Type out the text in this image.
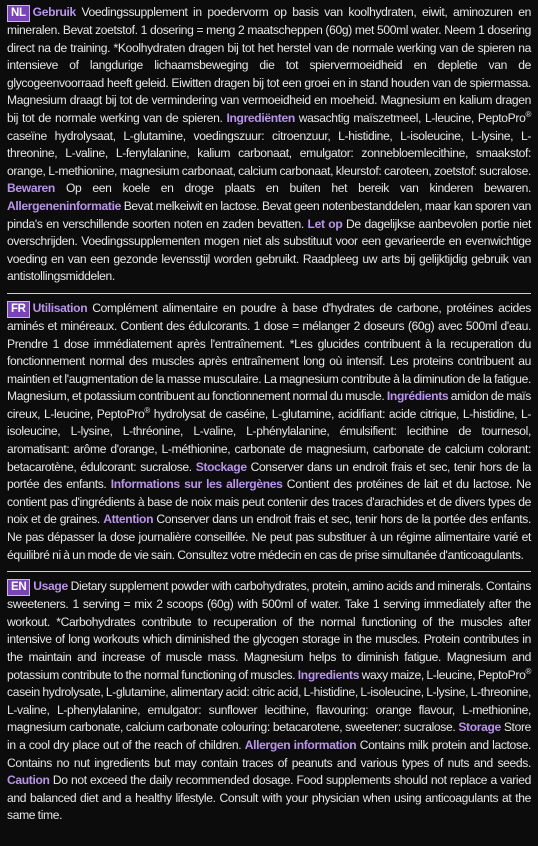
NL Gebruik Voedingssupplement in poedervorm op basis van koolhydraten, eiwit, aminozuren en mineralen. Bevat zoetstof. 1 dosering = meng 2 maatscheppen (60g) met 500ml water. Neem 1 dosering direct na de training. *Koolhydraten dragen bij tot het herstel van de normale werking van de spieren na intensieve of langdurige lichaamsbeweging die tot spiervermoeidheid en depletie van de glycogeenvoorraad heeft geleid. Eiwitten dragen bij tot een groei en in stand houden van de spiermassa. Magnesium draagt bij tot de vermindering van vermoeidheid en moeheid. Magnesium en kalium dragen bij tot de normale werking van de spieren. Ingrediënten wasachtig maïszetmeel, L-leucine, PeptoPro® caseïne hydrolysaat, L-glutamine, voedingszuur: citroenzuur, L-histidine, L-isoleucine, L-lysine, L-threonine, L-valine, L-fenylalanine, kalium carbonaat, emulgator: zonnebloemlecithine, smaakstof: orange, L-methionine, magnesium carbonaat, calcium carbonaat, kleurstof: caroteen, zoetstof: sucralose. Bewaren Op een koele en droge plaats en buiten het bereik van kinderen bewaren. Allergeneninformatie Bevat melkeiwit en lactose. Bevat geen notenbestanddelen, maar kan sporen van pinda's en verschillende soorten noten en zaden bevatten. Let op De dagelijkse aanbevolen portie niet overschrijden. Voedingssupplementen mogen niet als substituut voor een gevarieerde en evenwichtige voeding en van een gezonde levensstijl worden gebruikt. Raadpleeg uw arts bij gelijktijdig gebruik van antistollingsmiddelen.
FR Utilisation Complément alimentaire en poudre à base d'hydrates de carbone, protéines acides aminés et minéreaux. Contient des édulcorants. 1 dose = mélanger 2 doseurs (60g) avec 500ml d'eau. Prendre 1 dose immédiatement après l'entraînement. *Les glucides contribuent à la recuperation du fonctionnement normal des muscles après entraînement long où intensif. Les proteins contribuent au maintien et l'augmentation de la masse musculaire. La magnesium contribute à la diminution de la fatigue. Magnesium, et potassium contribuent au fonctionnement normal du muscle. Ingrédients amidon de maïs cireux, L-leucine, PeptoPro® hydrolysat de caséine, L-glutamine, acidifiant: acide citrique, L-histidine, L-isoleucine, L-lysine, L-thréonine, L-valine, L-phénylalanine, émulsifient: lecithine de tournesol, aromatisant: arôme d'orange, L-méthionine, carbonate de magnesium, carbonate de calcium colorant: betacarotène, édulcorant: sucralose. Stockage Conserver dans un endroit frais et sec, tenir hors de la portée des enfants. Informations sur les allergènes Contient des protéines de lait et du lactose. Ne contient pas d'ingrédients à base de noix mais peut contenir des traces d'arachides et de divers types de noix et de graines. Attention Conserver dans un endroit frais et sec, tenir hors de la portée des enfants. Ne pas dépasser la dose journalière conseillée. Ne peut pas substituer à un régime alimentaire varié et équilibré ni à un mode de vie sain. Consultez votre médecin en cas de prise simultanée d'anticoagulants.
EN Usage Dietary supplement powder with carbohydrates, protein, amino acids and minerals. Contains sweeteners. 1 serving = mix 2 scoops (60g) with 500ml of water. Take 1 serving immediately after the workout. *Carbohydrates contribute to recuperation of the normal functioning of the muscles after intensive of long workouts which diminished the glycogen storage in the muscles. Protein contributes in the maintain and increase of muscle mass. Magnesium helps to diminish fatigue. Magnesium and potassium contribute to the normal functioning of muscles. Ingredients waxy maize, L-leucine, PeptoPro® casein hydrolysate, L-glutamine, alimentary acid: citric acid, L-histidine, L-isoleucine, L-lysine, L-threonine, L-valine, L-phenylalanine, emulgator: sunflower lecithine, flavouring: orange flavour, L-methionine, magnesium carbonate, calcium carbonate colouring: betacarotene, sweetener: sucralose. Storage Store in a cool dry place out of the reach of children. Allergen information Contains milk protein and lactose. Contains no nut ingredients but may contain traces of peanuts and various types of nuts and seeds. Caution Do not exceed the daily recommended dosage. Food supplements should not replace a varied and balanced diet and a healthy lifestyle. Consult with your physician when using anticoagulants at the same time.
